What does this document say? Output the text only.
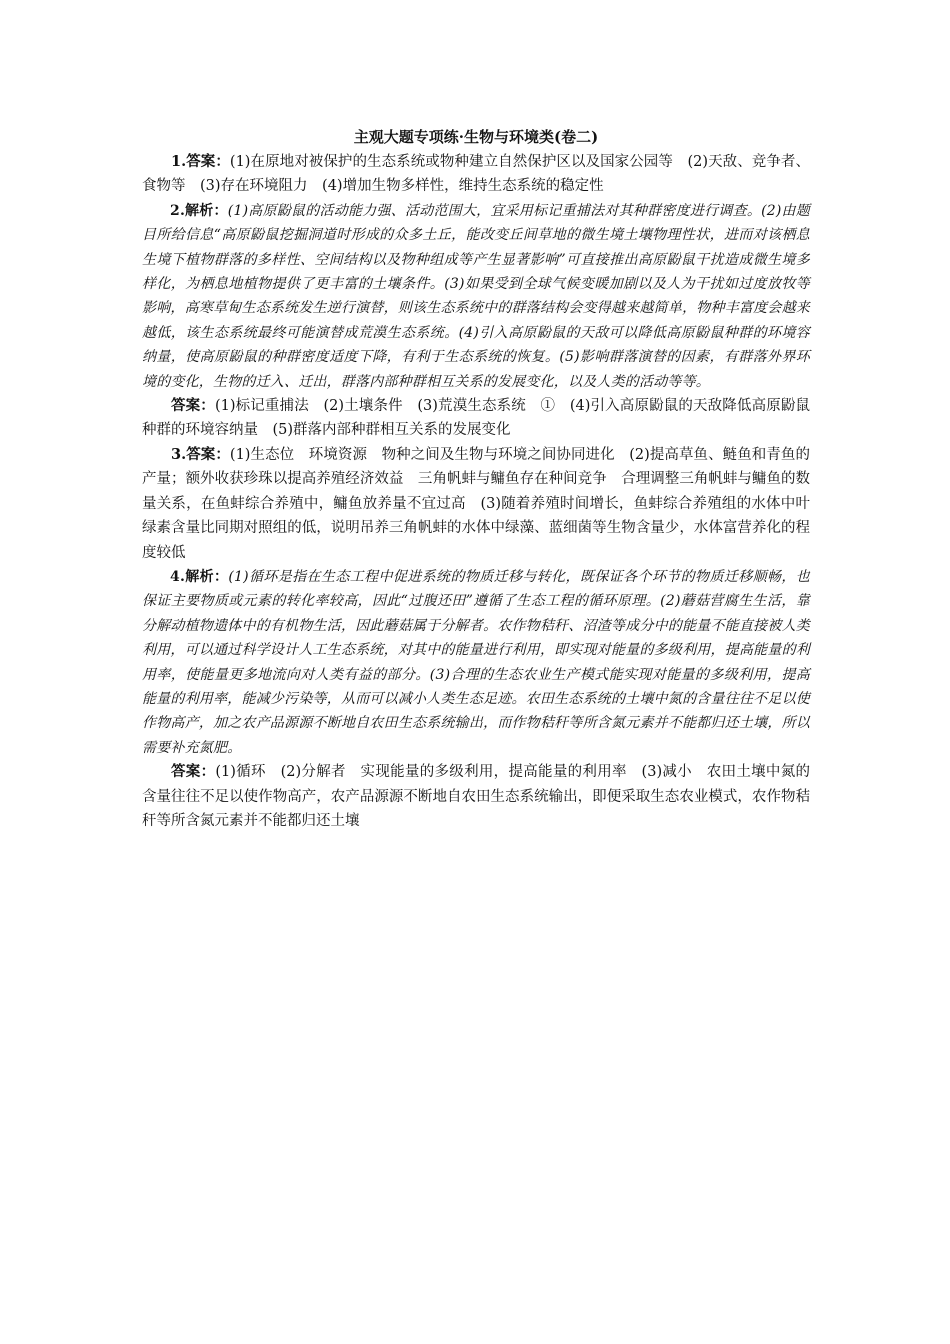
主观大题专项练·生物与环境类(卷二)

1.答案：(1)在原地对被保护的生态系统或物种建立自然保护区以及国家公园等　(2)天敌、竞争者、食物等　(3)存在环境阻力　(4)增加生物多样性，维持生态系统的稳定性

2.解析：(1)高原鼢鼠的活动能力强、活动范围大，宜采用标记重捕法对其种群密度进行调查。(2)由题目所给信息“高原鼢鼠挖掘洞道时形成的众多土丘，能改变丘间草地的微生境土壤物理性状，进而对该栖息生境下植物群落的多样性、空间结构以及物种组成等产生显著影响”可直接推出高原鼢鼠干扰造成微生境多样化，为栖息地植物提供了更丰富的土壤条件。(3)如果受到全球气候变暖加剧以及人为干扰如过度放牧等影响，高寒草甸生态系统发生逆行演替，则该生态系统中的群落结构会变得越来越简单，物种丰富度会越来越低，该生态系统最终可能演替成荒漠生态系统。(4)引入高原鼢鼠的天敌可以降低高原鼢鼠种群的环境容纳量，使高原鼢鼠的种群密度适度下降，有利于生态系统的恢复。(5)影响群落演替的因素，有群落外界环境的变化，生物的迁入、迁出，群落内部种群相互关系的发展变化，以及人类的活动等等。

答案：(1)标记重捕法　(2)土壤条件　(3)荒漠生态系统　①　(4)引入高原鼢鼠的天敌降低高原鼢鼠种群的环境容纳量　(5)群落内部种群相互关系的发展变化

3.答案：(1)生态位　环境资源　物种之间及生物与环境之间协同进化　(2)提高草鱼、鲢鱼和青鱼的产量；额外收获珍珠以提高养殖经济效益　三角帆蚌与鳙鱼存在种间竞争　合理调整三角帆蚌与鳙鱼的数量关系，在鱼蚌综合养殖中，鳙鱼放养量不宜过高　(3)随着养殖时间增长，鱼蚌综合养殖组的水体中叶绿素含量比同期对照组的低，说明吊养三角帆蚌的水体中绿藻、蓝细菌等生物含量少，水体富营养化的程度较低

4.解析：(1)循环是指在生态工程中促进系统的物质迁移与转化，既保证各个环节的物质迁移顺畅，也保证主要物质或元素的转化率较高，因此“过腹还田”遵循了生态工程的循环原理。(2)蘑菇营腐生生活，靠分解动植物遗体中的有机物生活，因此蘑菇属于分解者。农作物秸秆、沼渣等成分中的能量不能直接被人类利用，可以通过科学设计人工生态系统，对其中的能量进行利用，即实现对能量的多级利用，提高能量的利用率，使能量更多地流向对人类有益的部分。(3)合理的生态农业生产模式能实现对能量的多级利用，提高能量的利用率，能减少污染等，从而可以减小人类生态足迹。农田生态系统的土壤中氮的含量往往不足以使作物高产，加之农产品源源不断地自农田生态系统输出，而作物秸秆等所含氮元素并不能都归还土壤，所以需要补充氮肥。

答案：(1)循环　(2)分解者　实现能量的多级利用，提高能量的利用率　(3)减小　农田土壤中氮的含量往往不足以使作物高产，农产品源源不断地自农田生态系统输出，即便采取生态农业模式，农作物秸秆等所含氮元素并不能都归还土壤
